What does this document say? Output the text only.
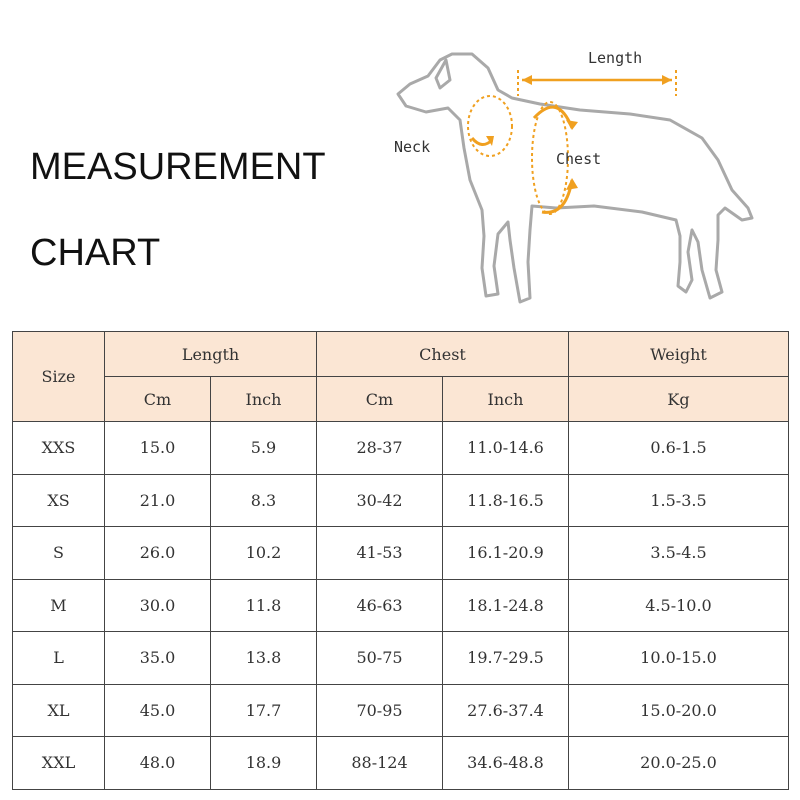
MEASUREMENT
CHART
Length
Neck
Chest
Size	Length		Chest		Weight
	Cm	Inch	Cm	Inch	Kg
XXS	15.0	5.9	28-37	11.0-14.6	0.6-1.5
XS	21.0	8.3	30-42	11.8-16.5	1.5-3.5
S	26.0	10.2	41-53	16.1-20.9	3.5-4.5
M	30.0	11.8	46-63	18.1-24.8	4.5-10.0
L	35.0	13.8	50-75	19.7-29.5	10.0-15.0
XL	45.0	17.7	70-95	27.6-37.4	15.0-20.0
XXL	48.0	18.9	88-124	34.6-48.8	20.0-25.0
